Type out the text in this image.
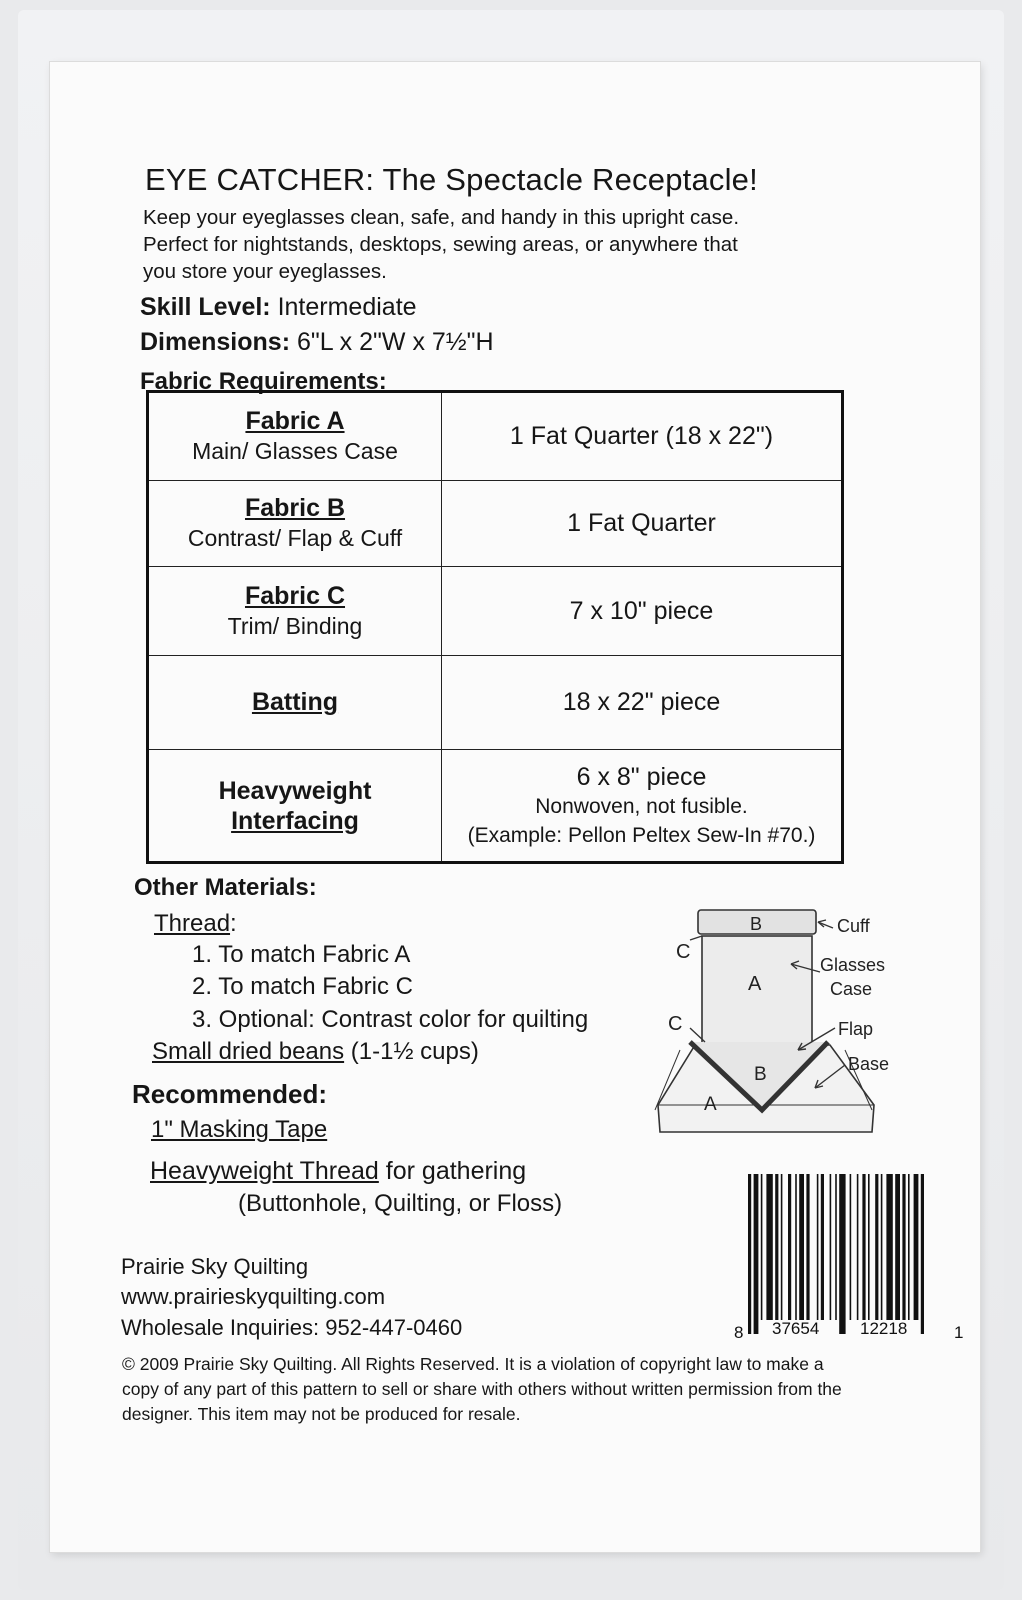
EYE CATCHER: The Spectacle Receptacle!
Keep your eyeglasses clean, safe, and handy in this upright case. Perfect for nightstands, desktops, sewing areas, or anywhere that you store your eyeglasses.
Skill Level: Intermediate
Dimensions: 6"L x 2"W x 7½"H
Fabric Requirements:
Fabric A
Main/ Glasses Case	1 Fat Quarter (18 x 22")

Fabric B
Contrast/ Flap & Cuff	1 Fat Quarter

Fabric C
Trim/ Binding	7 x 10" piece

Batting	18 x 22" piece

Heavyweight
Interfacing	6 x 8" piece
Nonwoven, not fusible.
(Example: Pellon Peltex Sew-In #70.)
Other Materials:
Thread:
1. To match Fabric A
2. To match Fabric C
3. Optional: Contrast color for quilting
Small dried beans (1-1½ cups)
Recommended:
1" Masking Tape
Heavyweight Thread for gathering
(Buttonhole, Quilting, or Floss)
B
A
B
A
C
C
Cuff
Glasses
Case
Flap
Base
8 37654 12218	1
Prairie Sky Quilting
www.prairieskyquilting.com
Wholesale Inquiries: 952-447-0460
© 2009 Prairie Sky Quilting. All Rights Reserved. It is a violation of copyright law to make a copy of any part of this pattern to sell or share with others without written permission from the designer. This item may not be produced for resale.
